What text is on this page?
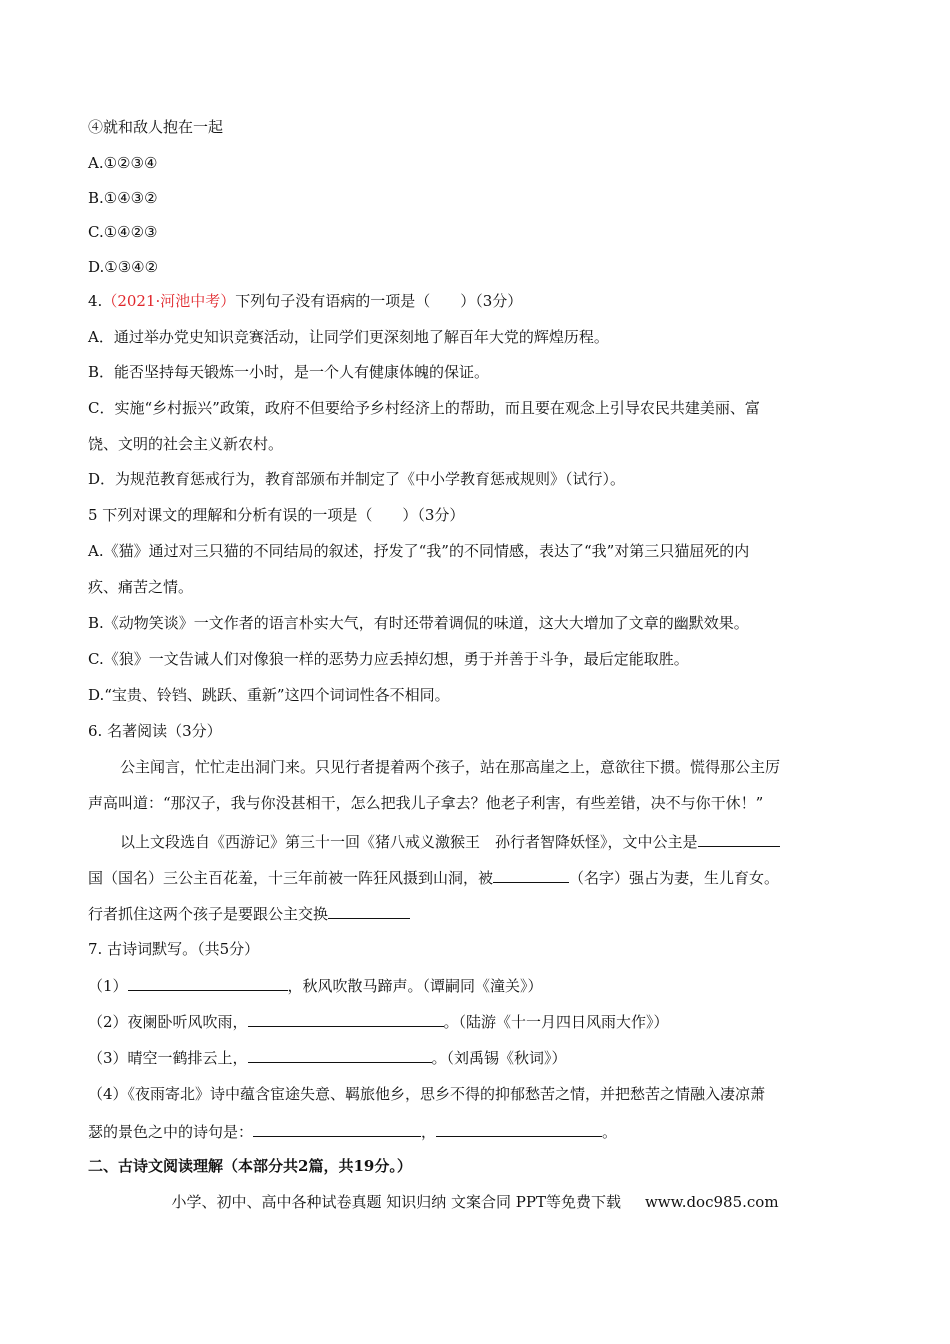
④就和敌人抱在一起
A.①②③④
B.①④③②
C.①④②③
D.①③④②
4.（2021·河池中考）下列句子没有语病的一项是（　　）（3分）
A．通过举办党史知识竞赛活动，让同学们更深刻地了解百年大党的辉煌历程。
B．能否坚持每天锻炼一小时，是一个人有健康体魄的保证。
C．实施“乡村振兴”政策，政府不但要给予乡村经济上的帮助，而且要在观念上引导农民共建美丽、富
饶、文明的社会主义新农村。
D．为规范教育惩戒行为，教育部颁布并制定了《中小学教育惩戒规则》（试行）。
5 下列对课文的理解和分析有误的一项是（　　）（3分）
A.《猫》通过对三只猫的不同结局的叙述，抒发了“我”的不同情感，表达了“我”对第三只猫屈死的内
疚、痛苦之情。
B.《动物笑谈》一文作者的语言朴实大气，有时还带着调侃的味道，这大大增加了文章的幽默效果。
C.《狼》一文告诫人们对像狼一样的恶势力应丢掉幻想，勇于并善于斗争，最后定能取胜。
D.“宝贵、铃铛、跳跃、重新”这四个词词性各不相同。
6. 名著阅读（3分）
公主闻言，忙忙走出洞门来。只见行者提着两个孩子，站在那高崖之上，意欲往下掼。慌得那公主厉
声高叫道：“那汉子，我与你没甚相干，怎么把我儿子拿去？他老子利害，有些差错，决不与你干休！”
以上文段选自《西游记》第三十一回《猪八戒义激猴王　孙行者智降妖怪》，文中公主是
国（国名）三公主百花羞，十三年前被一阵狂风摄到山洞，被	（名字）强占为妻，生儿育女。
行者抓住这两个孩子是要跟公主交换
7. 古诗词默写。（共5分）
（1）	，秋风吹散马蹄声。（谭嗣同《潼关》）
（2）夜阑卧听风吹雨，	。（陆游《十一月四日风雨大作》）
（3）晴空一鹤排云上，	。（刘禹锡《秋词》）
（4）《夜雨寄北》诗中蕴含宦途失意、羁旅他乡，思乡不得的抑郁愁苦之情，并把愁苦之情融入凄凉萧
瑟的景色之中的诗句是：	，	。
二、古诗文阅读理解（本部分共2篇，共19分。）
小学、初中、高中各种试卷真题 知识归纳 文案合同 PPT等免费下载 www.doc985.com
